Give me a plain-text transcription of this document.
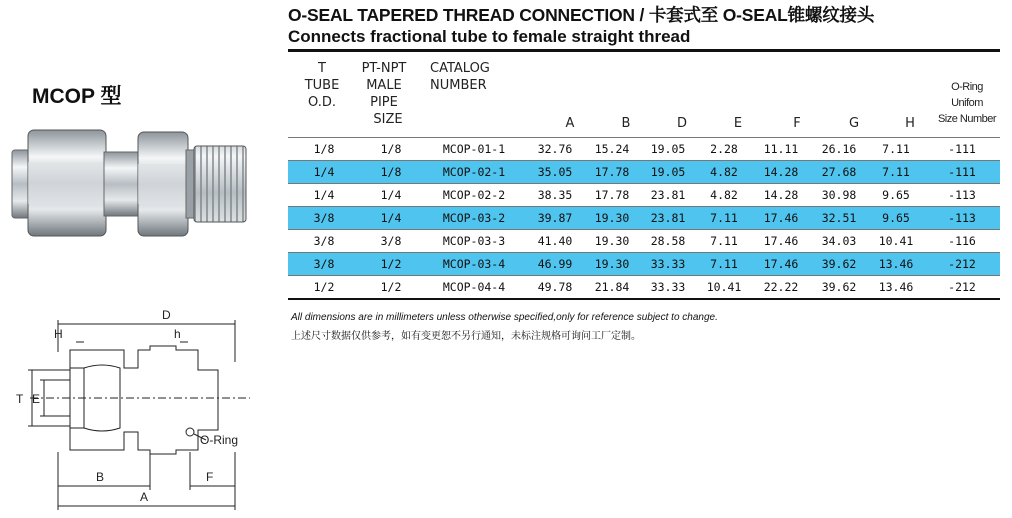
O-SEAL TAPERED THREAD CONNECTION / 卡套式至 O-SEAL锥螺纹接头
Connects fractional tube to female straight thread
MCOP 型
D
H	h
T E
O-Ring
B	F
A
T
TUBE
O.D.
PT-NPT
MALE
PIPE
SIZE
CATALOG
NUMBER
A	B	D	E	F	G	H
O-Ring
Unifom
Size Number
1/8	1/8	MCOP-01-1	32.76	15.24	19.05	2.28	11.11	26.16	7.11	-111
1/4	1/8	MCOP-02-1	35.05	17.78	19.05	4.82	14.28	27.68	7.11	-111
1/4	1/4	MCOP-02-2	38.35	17.78	23.81	4.82	14.28	30.98	9.65	-113
3/8	1/4	MCOP-03-2	39.87	19.30	23.81	7.11	17.46	32.51	9.65	-113
3/8	3/8	MCOP-03-3	41.40	19.30	28.58	7.11	17.46	34.03	10.41	-116
3/8	1/2	MCOP-03-4	46.99	19.30	33.33	7.11	17.46	39.62	13.46	-212
1/2	1/2	MCOP-04-4	49.78	21.84	33.33	10.41	22.22	39.62	13.46	-212
All dimensions are in millimeters unless otherwise specified,only for reference subject to change.
上述尺寸数据仅供参考，如有变更恕不另行通知，未标注规格可询问工厂定制。
